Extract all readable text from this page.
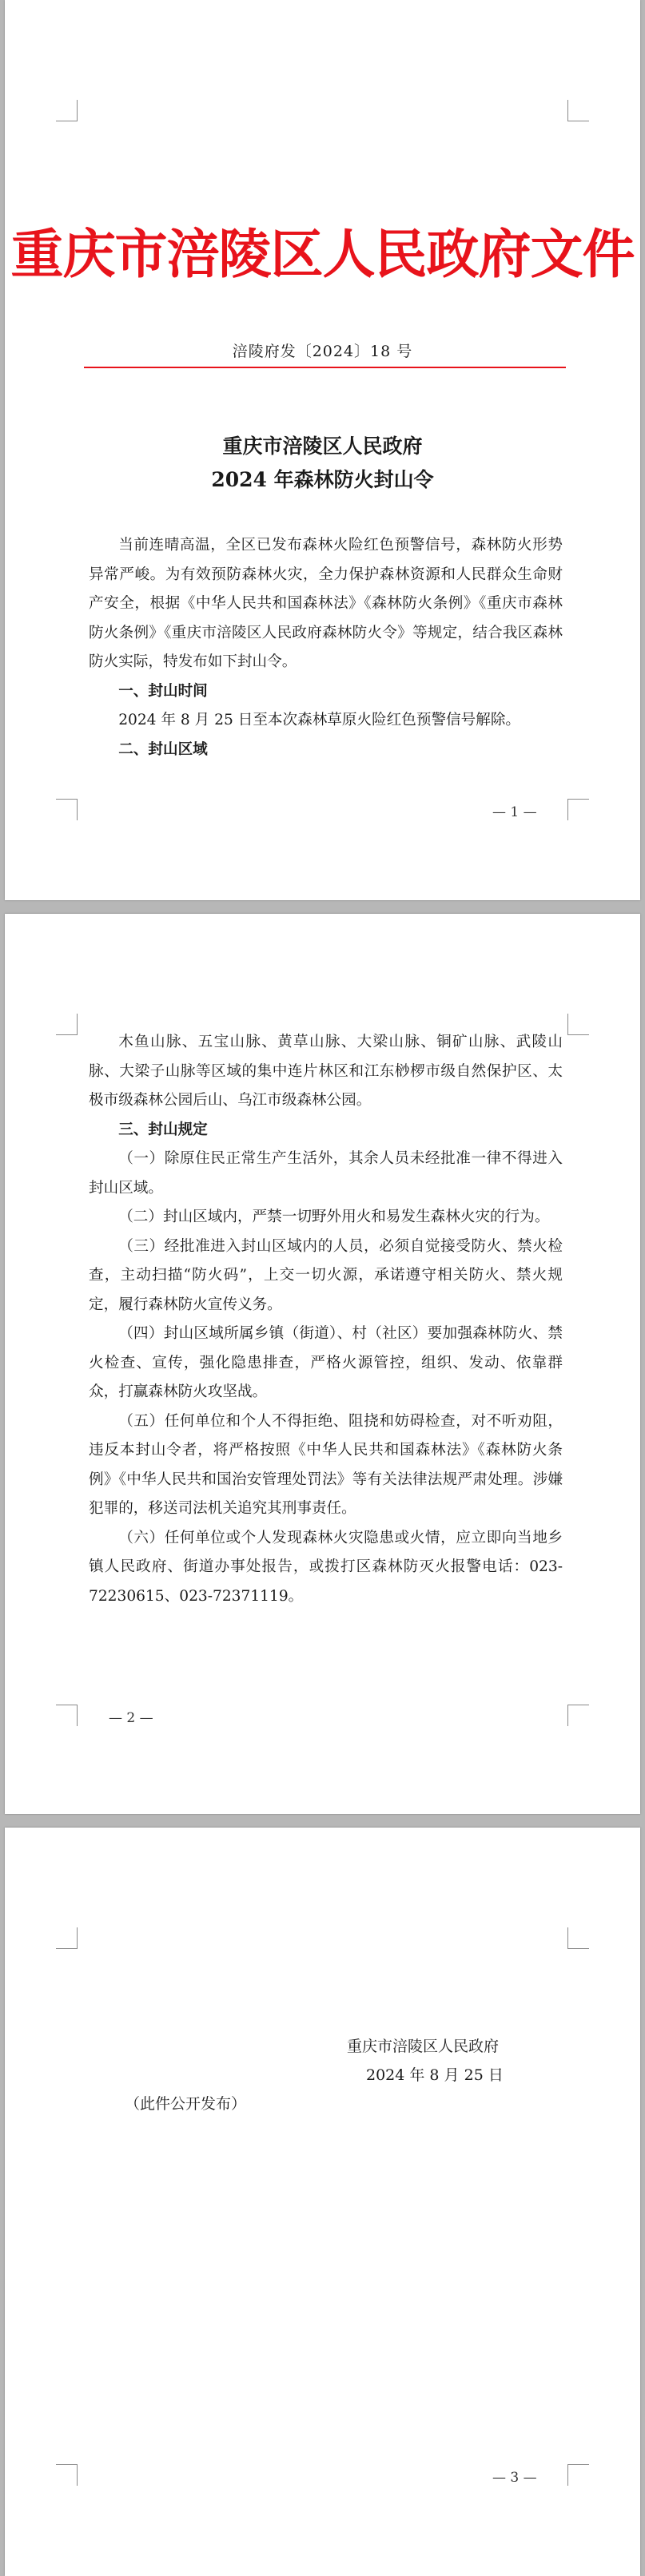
重庆市涪陵区人民政府文件
涪陵府发〔2024〕18 号
重庆市涪陵区人民政府
2024 年森林防火封山令

当前连晴高温，全区已发布森林火险红色预警信号，森林防火形势异常严峻。为有效预防森林火灾，全力保护森林资源和人民群众生命财产安全，根据《中华人民共和国森林法》《森林防火条例》《重庆市森林防火条例》《重庆市涪陵区人民政府森林防火令》等规定，结合我区森林防火实际，特发布如下封山令。

一、封山时间

2024 年 8 月 25 日至本次森林草原火险红色预警信号解除。

二、封山区域

— 1 —

木鱼山脉、五宝山脉、黄草山脉、大梁山脉、铜矿山脉、武陵山脉、大梁子山脉等区域的集中连片林区和江东桫椤市级自然保护区、太极市级森林公园后山、乌江市级森林公园。

三、封山规定

（一）除原住民正常生产生活外，其余人员未经批准一律不得进入封山区域。

（二）封山区域内，严禁一切野外用火和易发生森林火灾的行为。

（三）经批准进入封山区域内的人员，必须自觉接受防火、禁火检查，主动扫描“防火码”，上交一切火源，承诺遵守相关防火、禁火规定，履行森林防火宣传义务。

（四）封山区域所属乡镇（街道）、村（社区）要加强森林防火、禁火检查、宣传，强化隐患排查，严格火源管控，组织、发动、依靠群众，打赢森林防火攻坚战。

（五）任何单位和个人不得拒绝、阻挠和妨碍检查，对不听劝阻，违反本封山令者，将严格按照《中华人民共和国森林法》《森林防火条例》《中华人民共和国治安管理处罚法》等有关法律法规严肃处理。涉嫌犯罪的，移送司法机关追究其刑事责任。

（六）任何单位或个人发现森林火灾隐患或火情，应立即向当地乡镇人民政府、街道办事处报告，或拨打区森林防灭火报警电话：023-72230615、023-72371119。

— 2 —
重庆市涪陵区人民政府
2024 年 8 月 25 日
（此件公开发布）
— 3 —
